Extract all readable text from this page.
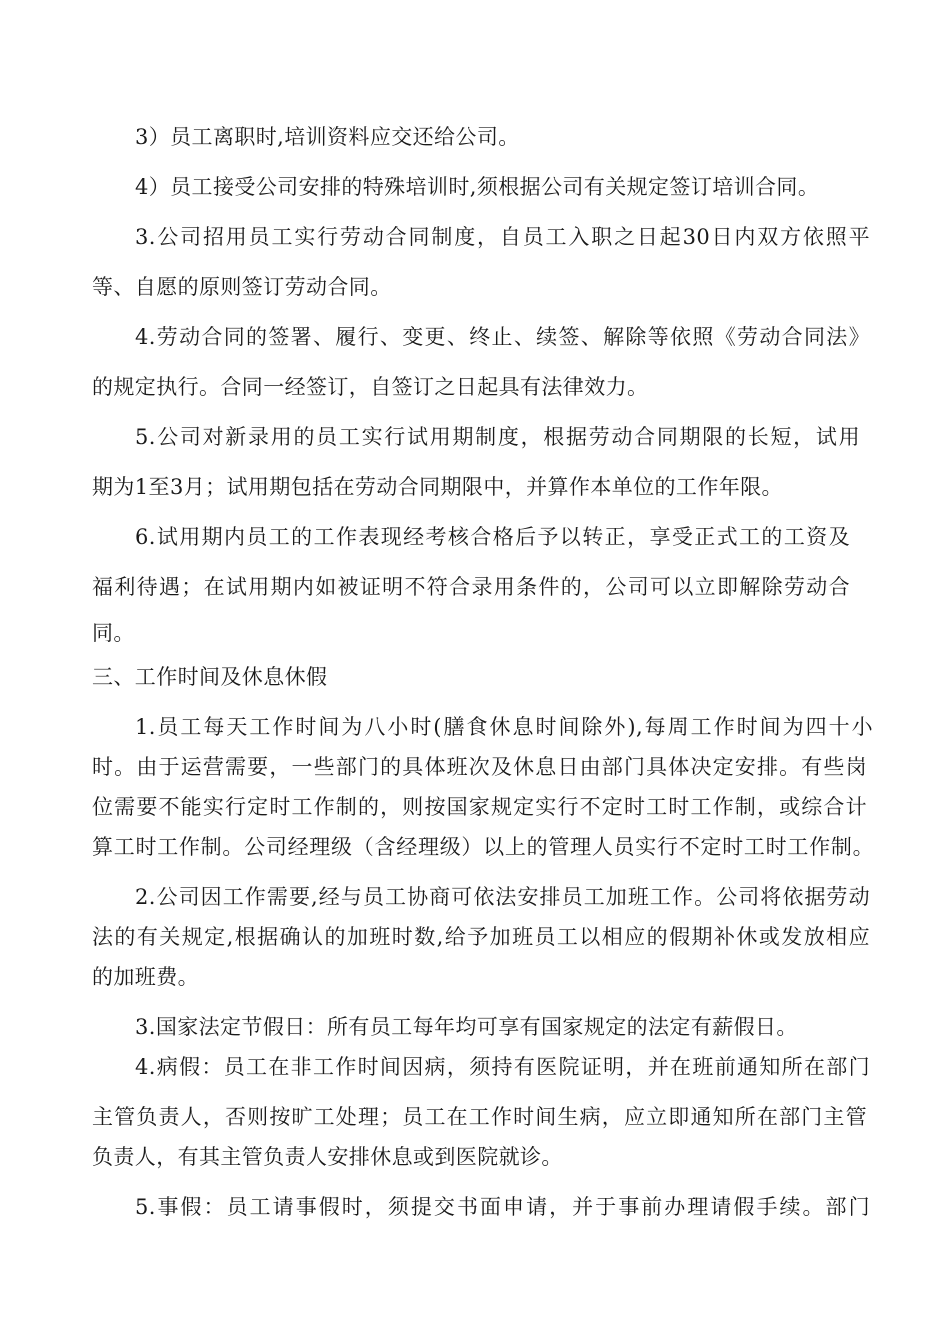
3）员工离职时,培训资料应交还给公司。
4）员工接受公司安排的特殊培训时,须根据公司有关规定签订培训合同。
3.公司招用员工实行劳动合同制度，自员工入职之日起30日内双方依照平
等、自愿的原则签订劳动合同。
4.劳动合同的签署、履行、变更、终止、续签、解除等依照《劳动合同法》
的规定执行。合同一经签订，自签订之日起具有法律效力。
5.公司对新录用的员工实行试用期制度，根据劳动合同期限的长短，试用
期为1至3月；试用期包括在劳动合同期限中，并算作本单位的工作年限。
6.试用期内员工的工作表现经考核合格后予以转正，享受正式工的工资及
福利待遇；在试用期内如被证明不符合录用条件的，公司可以立即解除劳动合
同。
三、工作时间及休息休假
1.员工每天工作时间为八小时(膳食休息时间除外),每周工作时间为四十小
时。由于运营需要，一些部门的具体班次及休息日由部门具体决定安排。有些岗
位需要不能实行定时工作制的，则按国家规定实行不定时工时工作制，或综合计
算工时工作制。公司经理级（含经理级）以上的管理人员实行不定时工时工作制。
2.公司因工作需要,经与员工协商可依法安排员工加班工作。公司将依据劳动
法的有关规定,根据确认的加班时数,给予加班员工以相应的假期补休或发放相应
的加班费。
3.国家法定节假日：所有员工每年均可享有国家规定的法定有薪假日。
4.病假：员工在非工作时间因病，须持有医院证明，并在班前通知所在部门
主管负责人，否则按旷工处理；员工在工作时间生病，应立即通知所在部门主管
负责人，有其主管负责人安排休息或到医院就诊。
5.事假：员工请事假时，须提交书面申请，并于事前办理请假手续。部门
